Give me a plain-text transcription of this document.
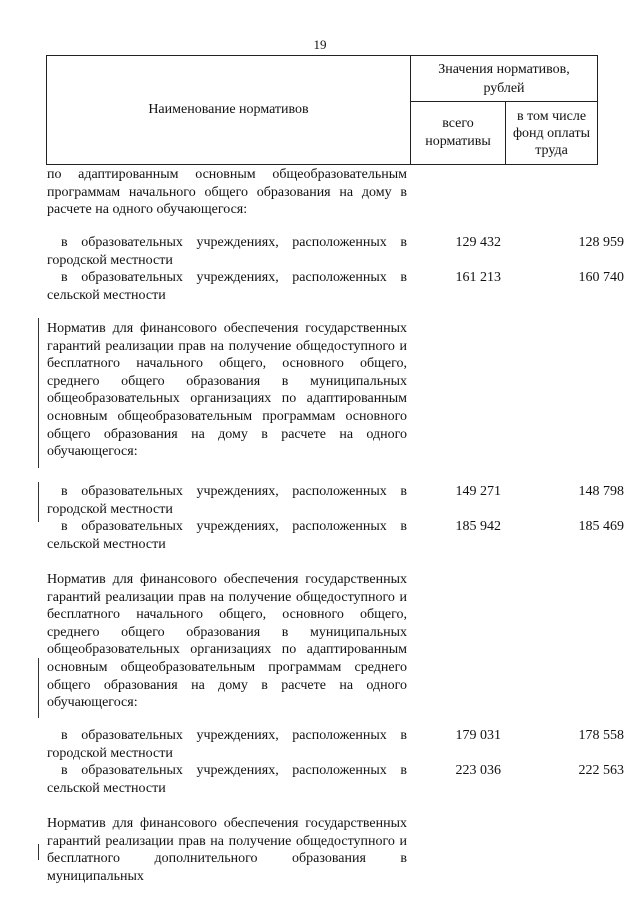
19
Наименование нормативов
Значения нормативов, рублей
всего нормативы
в том числе фонд оплаты труда
по адаптированным основным общеобразовательным программам начального общего образования на дому в расчете на одного обучающегося:
в образовательных учреждениях, расположенных в городской местности
129 432	128 959
в образовательных учреждениях, расположенных в сельской местности
161 213	160 740
Норматив для финансового обеспечения государственных гарантий реализации прав на получение общедоступного и бесплатного начального общего, основного общего, среднего общего образования в муниципальных общеобразовательных организациях по адаптированным основным общеобразовательным программам основного общего образования на дому в расчете на одного обучающегося:
в образовательных учреждениях, расположенных в городской местности
149 271	148 798
в образовательных учреждениях, расположенных в сельской местности
185 942	185 469
Норматив для финансового обеспечения государственных гарантий реализации прав на получение общедоступного и бесплатного начального общего, основного общего, среднего общего образования в муниципальных общеобразовательных организациях по адаптированным основным общеобразовательным программам среднего общего образования на дому в расчете на одного обучающегося:
в образовательных учреждениях, расположенных в городской местности
179 031	178 558
в образовательных учреждениях, расположенных в сельской местности
223 036	222 563
Норматив для финансового обеспечения государственных гарантий реализации прав на получение общедоступного и бесплатного дополнительного образования в муниципальных
